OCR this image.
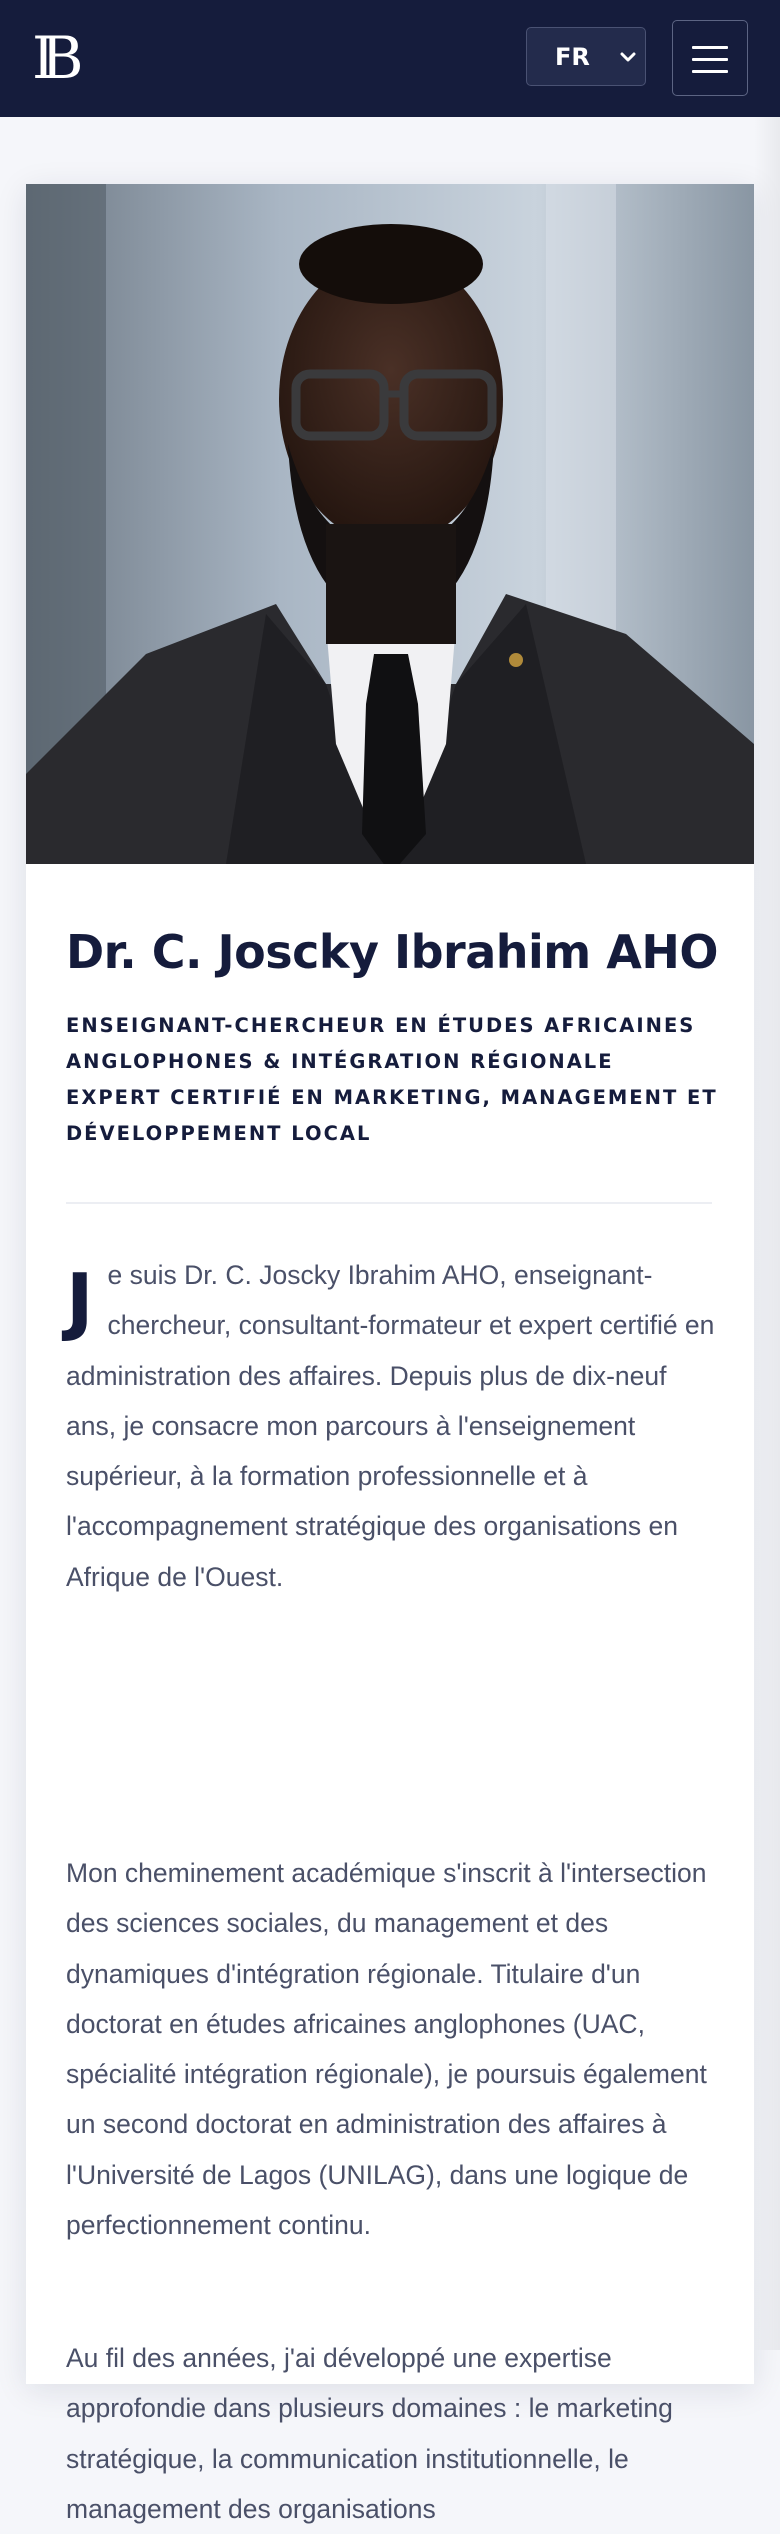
IB	FR
Dr. C. Joscky Ibrahim AHO
ENSEIGNANT-CHERCHEUR EN ÉTUDES AFRICAINES
ANGLOPHONES & INTÉGRATION RÉGIONALE
EXPERT CERTIFIÉ EN MARKETING, MANAGEMENT ET
DÉVELOPPEMENT LOCAL

Je suis Dr. C. Joscky Ibrahim AHO, enseignant-chercheur, consultant-formateur et expert certifié en administration des affaires. Depuis plus de dix-neuf ans, je consacre mon parcours à l'enseignement supérieur, à la formation professionnelle et à l'accompagnement stratégique des organisations en Afrique de l'Ouest.

Mon cheminement académique s'inscrit à l'intersection des sciences sociales, du management et des dynamiques d'intégration régionale. Titulaire d'un doctorat en études africaines anglophones (UAC, spécialité intégration régionale), je poursuis également un second doctorat en administration des affaires à l'Université de Lagos (UNILAG), dans une logique de perfectionnement continu.

Au fil des années, j'ai développé une expertise approfondie dans plusieurs domaines : le marketing stratégique, la communication institutionnelle, le management des organisations
